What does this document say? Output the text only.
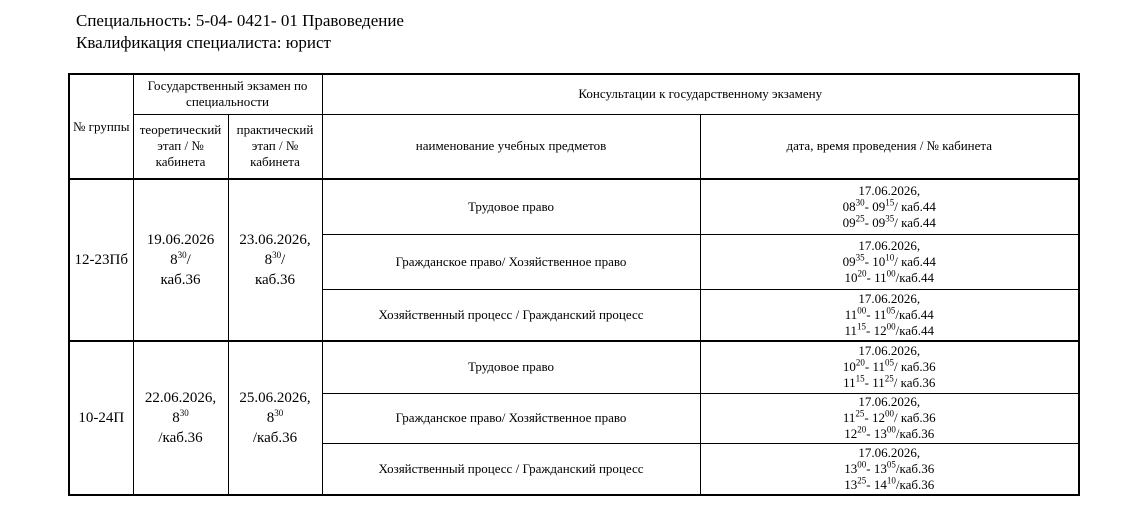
Специальность: 5-04- 0421- 01 Правоведение
Квалификация специалиста: юрист
№ группы	Государственный экзамен по специальности		Консультации к государственному экзамену	
	теоретический этап / № кабинета	практический этап / № кабинета	наименование учебных предметов	дата, время проведения / № кабинета
12-23Пб	19.06.2026
$8^{30}/$
каб.36	23.06.2026,
$8^{30}/$
каб.36	Трудовое право	17.06.2026,
$08^{30}-$ $09^{15}/$ каб.44
$09^{25}-$ $09^{35}/$ каб.44
			Гражданское право/ Хозяйственное право	17.06.2026,
$09^{35}-$ $10^{10}/$ каб.44
$10^{20}-$ $11^{00}/каб.44$
			Хозяйственный процесс / Гражданский процесс	17.06.2026,
$11^{00}-$ $11^{05}/каб.44$
$11^{15}-$ $12^{00}/каб.44$
10-24П	22.06.2026,
$8^{30}$
/каб.36	25.06.2026,
$8^{30}$
/каб.36	Трудовое право	17.06.2026,
$10^{20}-$ $11^{05}/$ каб.36
$11^{15}-$ $11^{25}/$ каб.36
			Гражданское право/ Хозяйственное право	17.06.2026,
$11^{25}-$ $12^{00}/$ каб.36
$12^{20}-$ $13^{00}/каб.36$
			Хозяйственный процесс / Гражданский процесс	17.06.2026,
$13^{00}-$ $13^{05}/каб.36$
$13^{25}-$ $14^{10}/каб.36$
